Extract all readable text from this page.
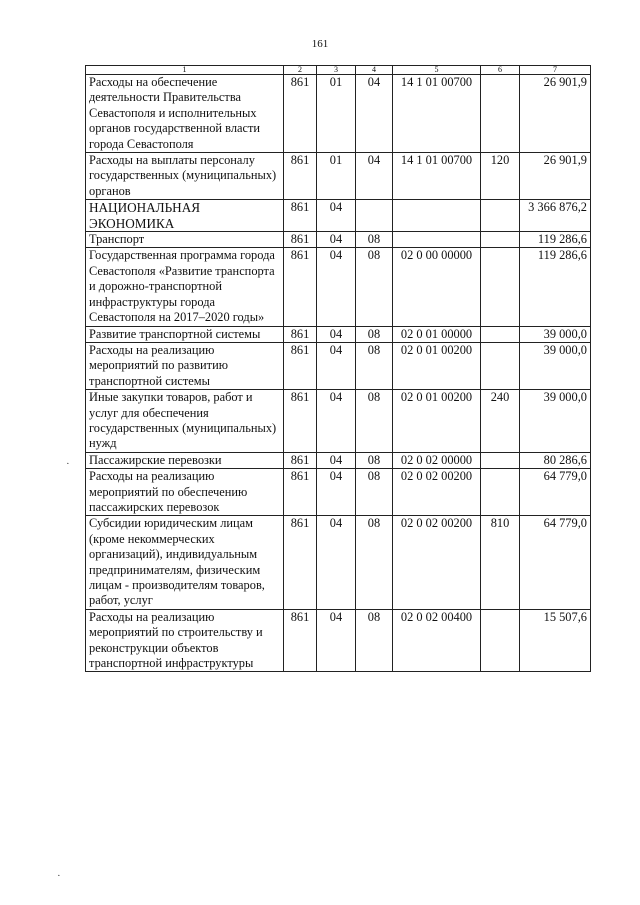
161
1	2	3	4	5	6	7
Расходы на обеспечение деятельности Правительства Севастополя и исполнительных органов государственной власти города Севастополя	861	01	04	14 1 01 00700		26 901,9
Расходы на выплаты персоналу государственных (муниципальных) органов	861	01	04	14 1 01 00700	120	26 901,9
НАЦИОНАЛЬНАЯ ЭКОНОМИКА	861	04				3 366 876,2
Транспорт	861	04	08			119 286,6
Государственная программа города Севастополя «Развитие транспорта и дорожно-транспортной инфраструктуры города Севастополя на 2017–2020 годы»	861	04	08	02 0 00 00000		119 286,6
Развитие транспортной системы	861	04	08	02 0 01 00000		39 000,0
Расходы на реализацию мероприятий по развитию транспортной системы	861	04	08	02 0 01 00200		39 000,0
Иные закупки товаров, работ и услуг для обеспечения государственных (муниципальных) нужд	861	04	08	02 0 01 00200	240	39 000,0
Пассажирские перевозки	861	04	08	02 0 02 00000		80 286,6
Расходы на реализацию мероприятий по обеспечению пассажирских перевозок	861	04	08	02 0 02 00200		64 779,0
Субсидии юридическим лицам (кроме некоммерческих организаций), индивидуальным предпринимателям, физическим лицам - производителям товаров, работ, услуг	861	04	08	02 0 02 00200	810	64 779,0
Расходы на реализацию мероприятий по строительству и реконструкции объектов транспортной инфраструктуры	861	04	08	02 0 02 00400		15 507,6
·
·
